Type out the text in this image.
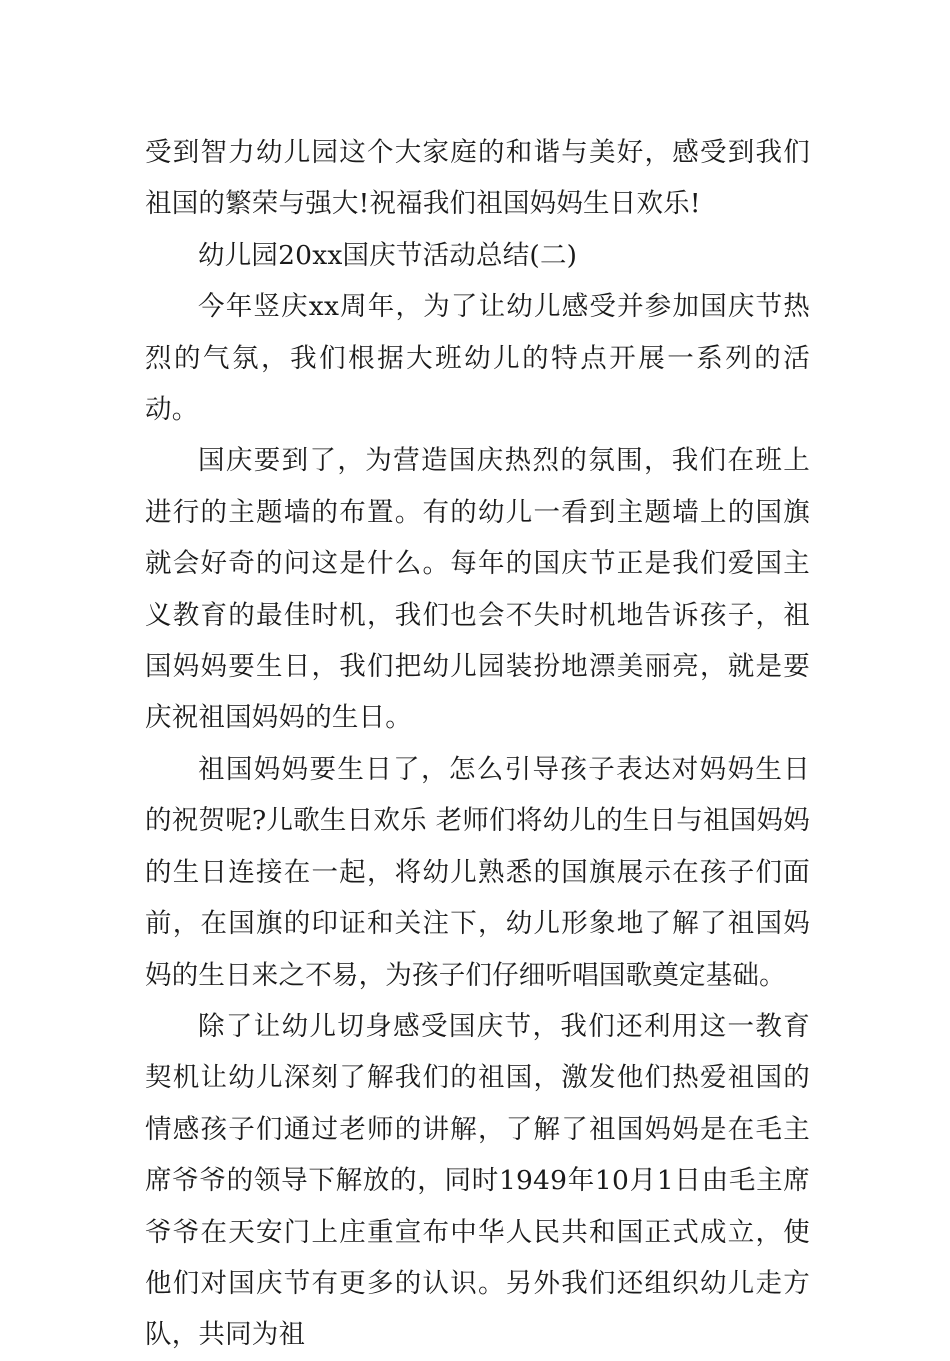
受到智力幼儿园这个大家庭的和谐与美好，感受到我们祖国的繁荣与强大!祝福我们祖国妈妈生日欢乐!

幼儿园20xx国庆节活动总结(二)

今年竖庆xx周年，为了让幼儿感受并参加国庆节热烈的气氛，我们根据大班幼儿的特点开展一系列的活动。

国庆要到了，为营造国庆热烈的氛围，我们在班上进行的主题墙的布置。有的幼儿一看到主题墙上的国旗就会好奇的问这是什么。每年的国庆节正是我们爱国主义教育的最佳时机，我们也会不失时机地告诉孩子，祖国妈妈要生日，我们把幼儿园装扮地漂美丽亮，就是要庆祝祖国妈妈的生日。

祖国妈妈要生日了，怎么引导孩子表达对妈妈生日的祝贺呢?儿歌生日欢乐 老师们将幼儿的生日与祖国妈妈的生日连接在一起，将幼儿熟悉的国旗展示在孩子们面前，在国旗的印证和关注下，幼儿形象地了解了祖国妈妈的生日来之不易，为孩子们仔细听唱国歌奠定基础。

除了让幼儿切身感受国庆节，我们还利用这一教育契机让幼儿深刻了解我们的祖国，激发他们热爱祖国的情感孩子们通过老师的讲解，了解了祖国妈妈是在毛主席爷爷的领导下解放的，同时1949年10月1日由毛主席爷爷在天安门上庄重宣布中华人民共和国正式成立，使他们对国庆节有更多的认识。另外我们还组织幼儿走方队，共同为祖
